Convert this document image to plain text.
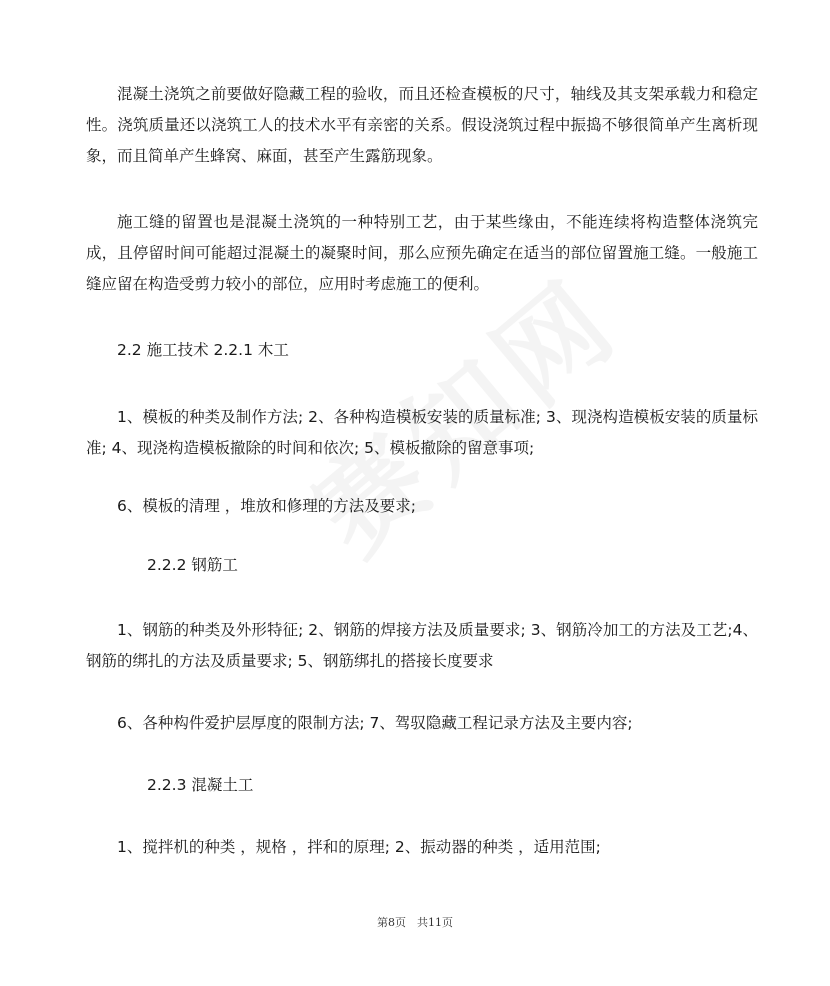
混凝土浇筑之前要做好隐藏工程的验收，而且还检查模板的尺寸，轴线及其支架承载力和稳定性。浇筑质量还以浇筑工人的技术水平有亲密的关系。假设浇筑过程中振捣不够很简单产生离析现象，而且简单产生蜂窝、麻面，甚至产生露筋现象。

施工缝的留置也是混凝土浇筑的一种特别工艺，由于某些缘由，不能连续将构造整体浇筑完成，且停留时间可能超过混凝土的凝聚时间，那么应预先确定在适当的部位留置施工缝。一般施工缝应留在构造受剪力较小的部位，应用时考虑施工的便利。

2.2 施工技术 2.2.1 木工

1、模板的种类及制作方法; 2、各种构造模板安装的质量标准; 3、现浇构造模板安装的质量标准; 4、现浇构造模板撤除的时间和依次; 5、模板撤除的留意事项;

6、模板的清理 ，堆放和修理的方法及要求;

2.2.2 钢筋工

1、钢筋的种类及外形特征; 2、钢筋的焊接方法及质量要求; 3、钢筋冷加工的方法及工艺;4、钢筋的绑扎的方法及质量要求; 5、钢筋绑扎的搭接长度要求

6、各种构件爱护层厚度的限制方法; 7、驾驭隐藏工程记录方法及主要内容;

2.2.3 混凝土工

1、搅拌机的种类 ，规格 ，拌和的原理; 2、振动器的种类 ，适用范围;

第8页　共11页
